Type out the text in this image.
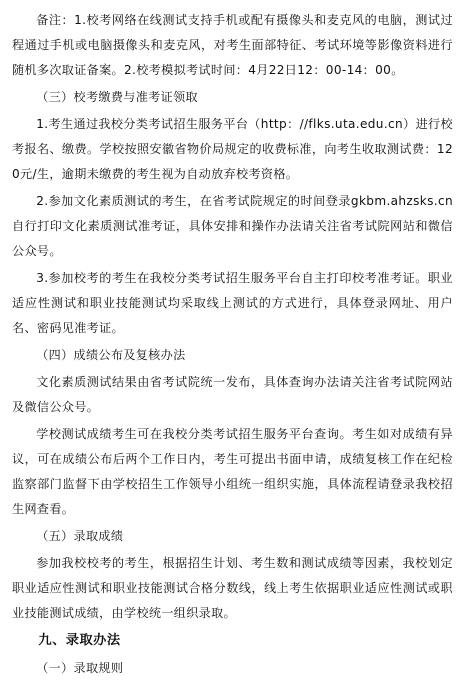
备注：1.校考网络在线测试支持手机或配有摄像头和麦克风的电脑，测试过程通过手机或电脑摄像头和麦克风，对考生面部特征、考试环境等影像资料进行随机多次取证备案。2.校考模拟考试时间：4月22日12：00-14：00。

（三）校考缴费与准考证领取

1.考生通过我校分类考试招生服务平台（http：//flks.uta.edu.cn）进行校考报名、缴费。学校按照安徽省物价局规定的收费标准，向考生收取测试费：120元/生，逾期未缴费的考生视为自动放弃校考资格。

2.参加文化素质测试的考生，在省考试院规定的时间登录gkbm.ahzsks.cn自行打印文化素质测试准考证，具体安排和操作办法请关注省考试院网站和微信公众号。

3.参加校考的考生在我校分类考试招生服务平台自主打印校考准考证。职业适应性测试和职业技能测试均采取线上测试的方式进行，具体登录网址、用户名、密码见准考证。

（四）成绩公布及复核办法

文化素质测试结果由省考试院统一发布，具体查询办法请关注省考试院网站及微信公众号。

学校测试成绩考生可在我校分类考试招生服务平台查询。考生如对成绩有异议，可在成绩公布后两个工作日内，考生可提出书面申请，成绩复核工作在纪检监察部门监督下由学校招生工作领导小组统一组织实施，具体流程请登录我校招生网查看。

（五）录取成绩

参加我校校考的考生，根据招生计划、考生数和测试成绩等因素，我校划定职业适应性测试和职业技能测试合格分数线，线上考生依据职业适应性测试或职业技能测试成绩，由学校统一组织录取。

九、录取办法
（一）录取规则
